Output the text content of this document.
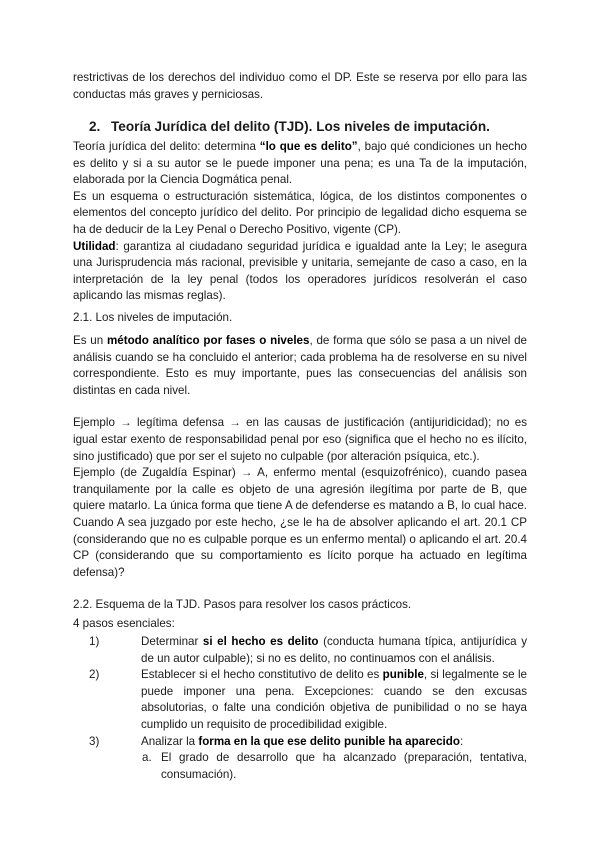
restrictivas de los derechos del individuo como el DP. Este se reserva por ello para las conductas más graves y perniciosas.

2. Teoría Jurídica del delito (TJD). Los niveles de imputación.
Teoría jurídica del delito: determina “lo que es delito”, bajo qué condiciones un hecho es delito y si a su autor se le puede imponer una pena; es una Ta de la imputación, elaborada por la Ciencia Dogmática penal.
Es un esquema o estructuración sistemática, lógica, de los distintos componentes o elementos del concepto jurídico del delito. Por principio de legalidad dicho esquema se ha de deducir de la Ley Penal o Derecho Positivo, vigente (CP).
Utilidad: garantiza al ciudadano seguridad jurídica e igualdad ante la Ley; le asegura una Jurisprudencia más racional, previsible y unitaria, semejante de caso a caso, en la interpretación de la ley penal (todos los operadores jurídicos resolverán el caso aplicando las mismas reglas).
2.1. Los niveles de imputación.
Es un método analítico por fases o niveles, de forma que sólo se pasa a un nivel de análisis cuando se ha concluido el anterior; cada problema ha de resolverse en su nivel correspondiente. Esto es muy importante, pues las consecuencias del análisis son distintas en cada nivel.
Ejemplo → legítima defensa → en las causas de justificación (antijuridicidad); no es igual estar exento de responsabilidad penal por eso (significa que el hecho no es ilícito, sino justificado) que por ser el sujeto no culpable (por alteración psíquica, etc.).
Ejemplo (de Zugaldía Espinar) → A, enfermo mental (esquizofrénico), cuando pasea tranquilamente por la calle es objeto de una agresión ilegítima por parte de B, que quiere matarlo. La única forma que tiene A de defenderse es matando a B, lo cual hace. Cuando A sea juzgado por este hecho, ¿se le ha de absolver aplicando el art. 20.1 CP (considerando que no es culpable porque es un enfermo mental) o aplicando el art. 20.4 CP (considerando que su comportamiento es lícito porque ha actuado en legítima defensa)?
2.2. Esquema de la TJD. Pasos para resolver los casos prácticos.
4 pasos esenciales:
1)	Determinar si el hecho es delito (conducta humana típica, antijurídica y de un autor culpable); si no es delito, no continuamos con el análisis.
2)	Establecer si el hecho constitutivo de delito es punible, si legalmente se le puede imponer una pena. Excepciones: cuando se den excusas absolutorias, o falte una condición objetiva de punibilidad o no se haya cumplido un requisito de procedibilidad exigible.
3)	Analizar la forma en la que ese delito punible ha aparecido:
a. El grado de desarrollo que ha alcanzado (preparación, tentativa, consumación).
